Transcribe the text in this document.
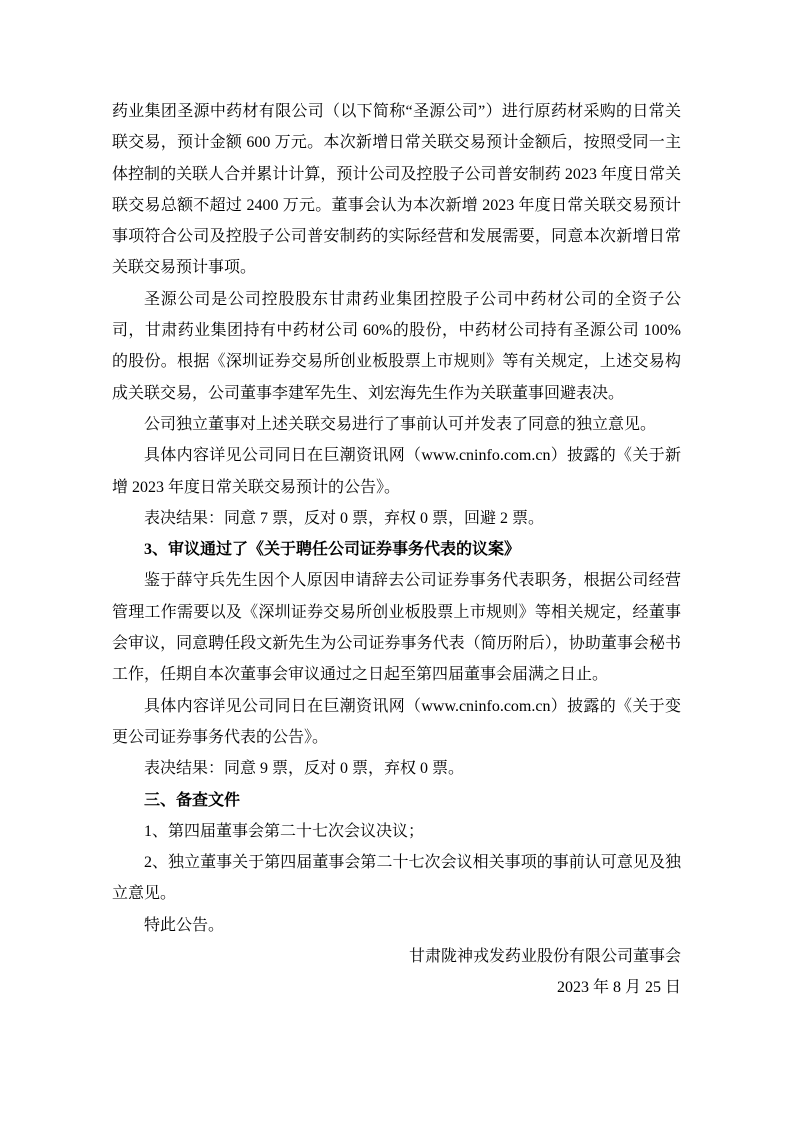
药业集团圣源中药材有限公司（以下简称“圣源公司”）进行原药材采购的日常关联交易，预计金额 600 万元。本次新增日常关联交易预计金额后，按照受同一主体控制的关联人合并累计计算，预计公司及控股子公司普安制药 2023 年度日常关联交易总额不超过 2400 万元。董事会认为本次新增 2023 年度日常关联交易预计事项符合公司及控股子公司普安制药的实际经营和发展需要，同意本次新增日常关联交易预计事项。

圣源公司是公司控股股东甘肃药业集团控股子公司中药材公司的全资子公司，甘肃药业集团持有中药材公司 60%的股份，中药材公司持有圣源公司 100%的股份。根据《深圳证券交易所创业板股票上市规则》等有关规定，上述交易构成关联交易，公司董事李建军先生、刘宏海先生作为关联董事回避表决。

公司独立董事对上述关联交易进行了事前认可并发表了同意的独立意见。

具体内容详见公司同日在巨潮资讯网（www.cninfo.com.cn）披露的《关于新增 2023 年度日常关联交易预计的公告》。

表决结果：同意 7 票，反对 0 票，弃权 0 票，回避 2 票。

3、审议通过了《关于聘任公司证券事务代表的议案》

鉴于薛守兵先生因个人原因申请辞去公司证券事务代表职务，根据公司经营管理工作需要以及《深圳证券交易所创业板股票上市规则》等相关规定，经董事会审议，同意聘任段文新先生为公司证券事务代表（简历附后），协助董事会秘书工作，任期自本次董事会审议通过之日起至第四届董事会届满之日止。

具体内容详见公司同日在巨潮资讯网（www.cninfo.com.cn）披露的《关于变更公司证券事务代表的公告》。

表决结果：同意 9 票，反对 0 票，弃权 0 票。

三、备查文件

1、第四届董事会第二十七次会议决议；

2、独立董事关于第四届董事会第二十七次会议相关事项的事前认可意见及独立意见。

特此公告。

甘肃陇神戎发药业股份有限公司董事会

2023 年 8 月 25 日
